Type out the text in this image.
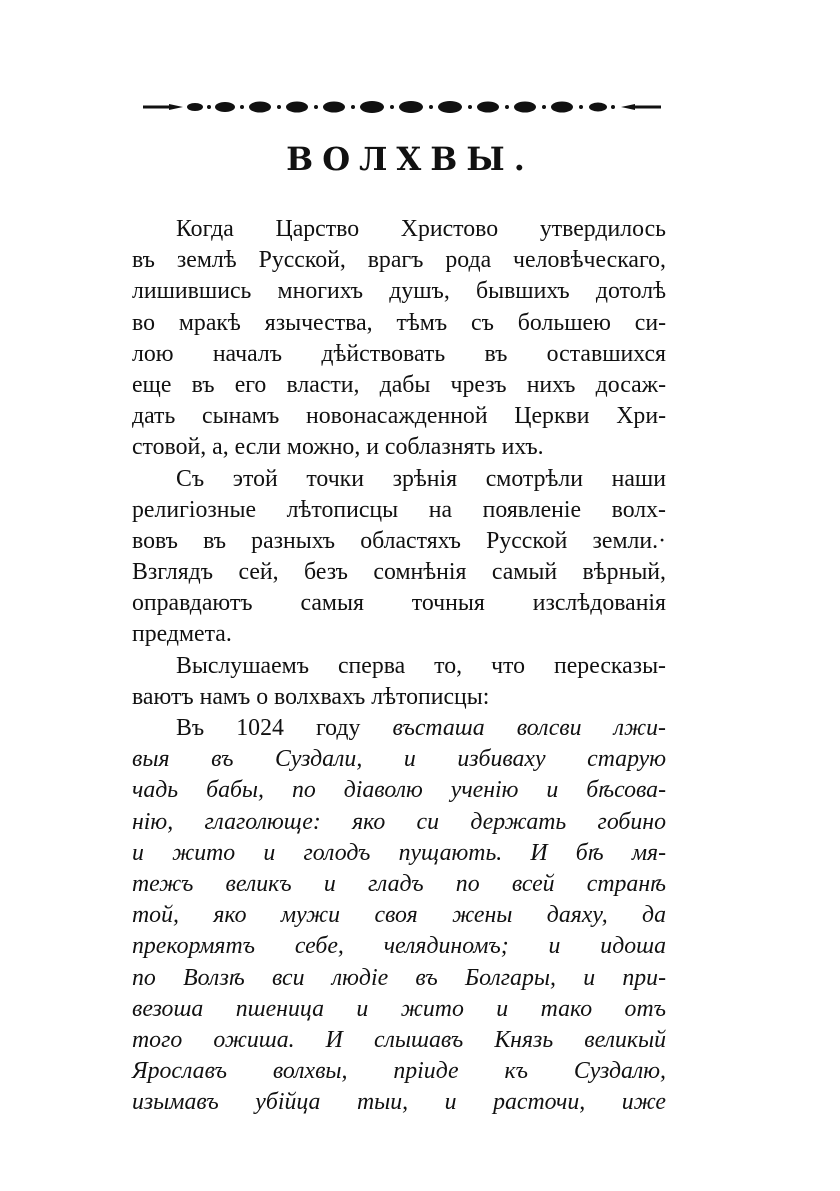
ВОЛХВЫ.
Когда Царство Христово утвердилось
въ землѣ Русской, врагъ рода человѣческаго,
лишившись многихъ душъ, бывшихъ дотолѣ
во мракѣ язычества, тѣмъ съ большею си-
лою началъ дѣйствовать въ оставшихся
еще въ его власти, дабы чрезъ нихъ досаж-
дать сынамъ новонасажденной Церкви Хри-
стовой, а, если можно, и соблазнять ихъ.
Съ этой точки зрѣнія смотрѣли наши
религіозные лѣтописцы на появленіе волх-
вовъ въ разныхъ областяхъ Русской земли.·
Взглядъ сей, безъ сомнѣнія самый вѣрный,
оправдаютъ самыя точныя изслѣдованія
предмета.
Выслушаемъ сперва то, что пересказы-
ваютъ намъ о волхвахъ лѣтописцы:
Въ 1024 году въсташа волсви лжи-
выя въ Суздали, и избиваху старую
чадь бабы, по діаволю ученію и бѣсова-
нію, глаголюще: яко си держать гобино
и жито и голодъ пущають. И бѣ мя-
тежъ великъ и гладъ по всей странѣ
той, яко мужи своя жены даяху, да
прекормятъ себе, челядиномъ; и идоша
по Волзѣ вси людіе въ Болгары, и при-
везоша пшеница и жито и тако отъ
того ожиша. И слышавъ Князь великый
Ярославъ волхвы, пріиде къ Суздалю,
изымавъ убійца тыи, и расточи, иже
